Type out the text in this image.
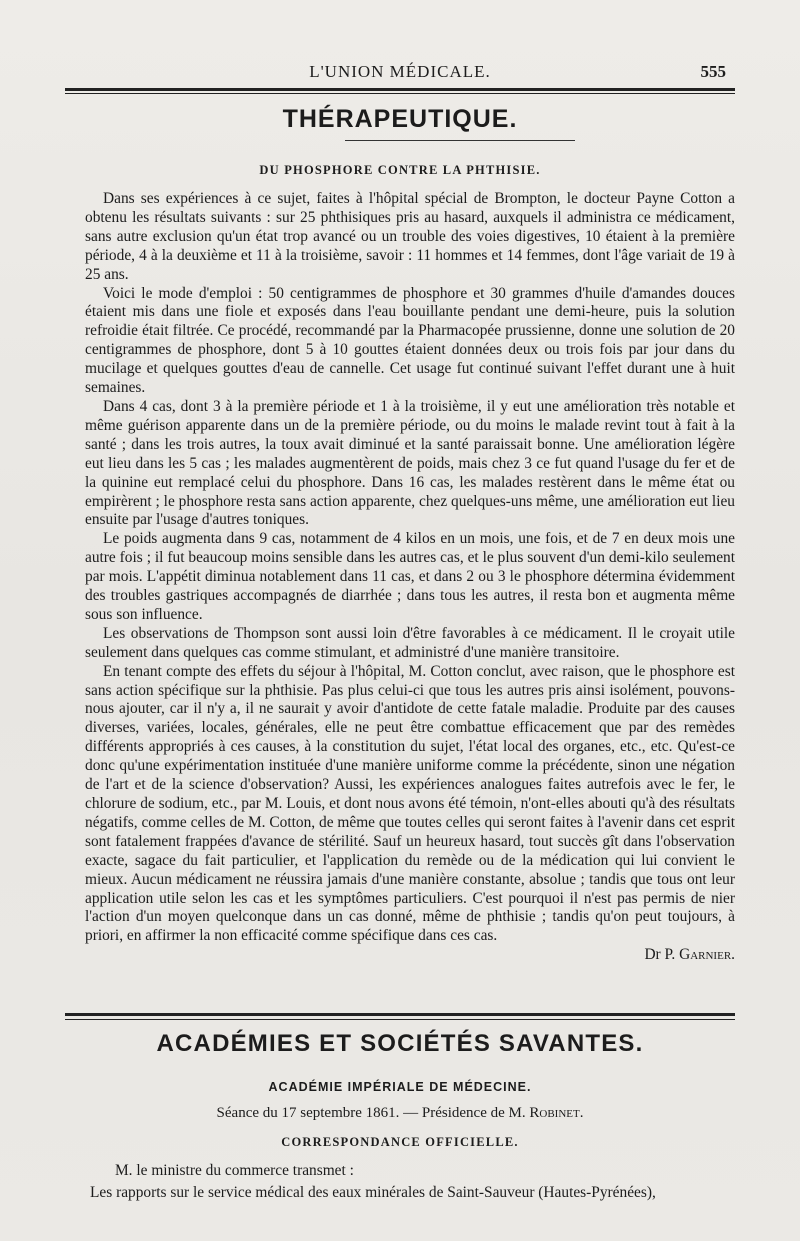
L'UNION MÉDICALE.	555
THÉRAPEUTIQUE.
DU PHOSPHORE CONTRE LA PHTHISIE.

Dans ses expériences à ce sujet, faites à l'hôpital spécial de Brompton, le docteur Payne Cotton a obtenu les résultats suivants : sur 25 phthisiques pris au hasard, auxquels il administra ce médicament, sans autre exclusion qu'un état trop avancé ou un trouble des voies digestives, 10 étaient à la première période, 4 à la deuxième et 11 à la troisième, savoir : 11 hommes et 14 femmes, dont l'âge variait de 19 à 25 ans.

Voici le mode d'emploi : 50 centigrammes de phosphore et 30 grammes d'huile d'amandes douces étaient mis dans une fiole et exposés dans l'eau bouillante pendant une demi-heure, puis la solution refroidie était filtrée. Ce procédé, recommandé par la Pharmacopée prussienne, donne une solution de 20 centigrammes de phosphore, dont 5 à 10 gouttes étaient données deux ou trois fois par jour dans du mucilage et quelques gouttes d'eau de cannelle. Cet usage fut continué suivant l'effet durant une à huit semaines.

Dans 4 cas, dont 3 à la première période et 1 à la troisième, il y eut une amélioration très notable et même guérison apparente dans un de la première période, ou du moins le malade revint tout à fait à la santé ; dans les trois autres, la toux avait diminué et la santé paraissait bonne. Une amélioration légère eut lieu dans les 5 cas ; les malades augmentèrent de poids, mais chez 3 ce fut quand l'usage du fer et de la quinine eut remplacé celui du phosphore. Dans 16 cas, les malades restèrent dans le même état ou empirèrent ; le phosphore resta sans action apparente, chez quelques-uns même, une amélioration eut lieu ensuite par l'usage d'autres toniques.

Le poids augmenta dans 9 cas, notamment de 4 kilos en un mois, une fois, et de 7 en deux mois une autre fois ; il fut beaucoup moins sensible dans les autres cas, et le plus souvent d'un demi-kilo seulement par mois. L'appétit diminua notablement dans 11 cas, et dans 2 ou 3 le phosphore détermina évidemment des troubles gastriques accompagnés de diarrhée ; dans tous les autres, il resta bon et augmenta même sous son influence.

Les observations de Thompson sont aussi loin d'être favorables à ce médicament. Il le croyait utile seulement dans quelques cas comme stimulant, et administré d'une manière transitoire.

En tenant compte des effets du séjour à l'hôpital, M. Cotton conclut, avec raison, que le phosphore est sans action spécifique sur la phthisie. Pas plus celui-ci que tous les autres pris ainsi isolément, pouvons-nous ajouter, car il n'y a, il ne saurait y avoir d'antidote de cette fatale maladie. Produite par des causes diverses, variées, locales, générales, elle ne peut être combattue efficacement que par des remèdes différents appropriés à ces causes, à la constitution du sujet, l'état local des organes, etc., etc. Qu'est-ce donc qu'une expérimentation instituée d'une manière uniforme comme la précédente, sinon une négation de l'art et de la science d'observation? Aussi, les expériences analogues faites autrefois avec le fer, le chlorure de sodium, etc., par M. Louis, et dont nous avons été témoin, n'ont-elles abouti qu'à des résultats négatifs, comme celles de M. Cotton, de même que toutes celles qui seront faites à l'avenir dans cet esprit sont fatalement frappées d'avance de stérilité. Sauf un heureux hasard, tout succès gît dans l'observation exacte, sagace du fait particulier, et l'application du remède ou de la médication qui lui convient le mieux. Aucun médicament ne réussira jamais d'une manière constante, absolue ; tandis que tous ont leur application utile selon les cas et les symptômes particuliers. C'est pourquoi il n'est pas permis de nier l'action d'un moyen quelconque dans un cas donné, même de phthisie ; tandis qu'on peut toujours, à priori, en affirmer la non efficacité comme spécifique dans ces cas.

Dr P. Garnier.

ACADÉMIES ET SOCIÉTÉS SAVANTES.
ACADÉMIE IMPÉRIALE DE MÉDECINE.
Séance du 17 septembre 1861. — Présidence de M. Robinet.
CORRESPONDANCE OFFICIELLE.

M. le ministre du commerce transmet :

Les rapports sur le service médical des eaux minérales de Saint-Sauveur (Hautes-Pyrénées),
